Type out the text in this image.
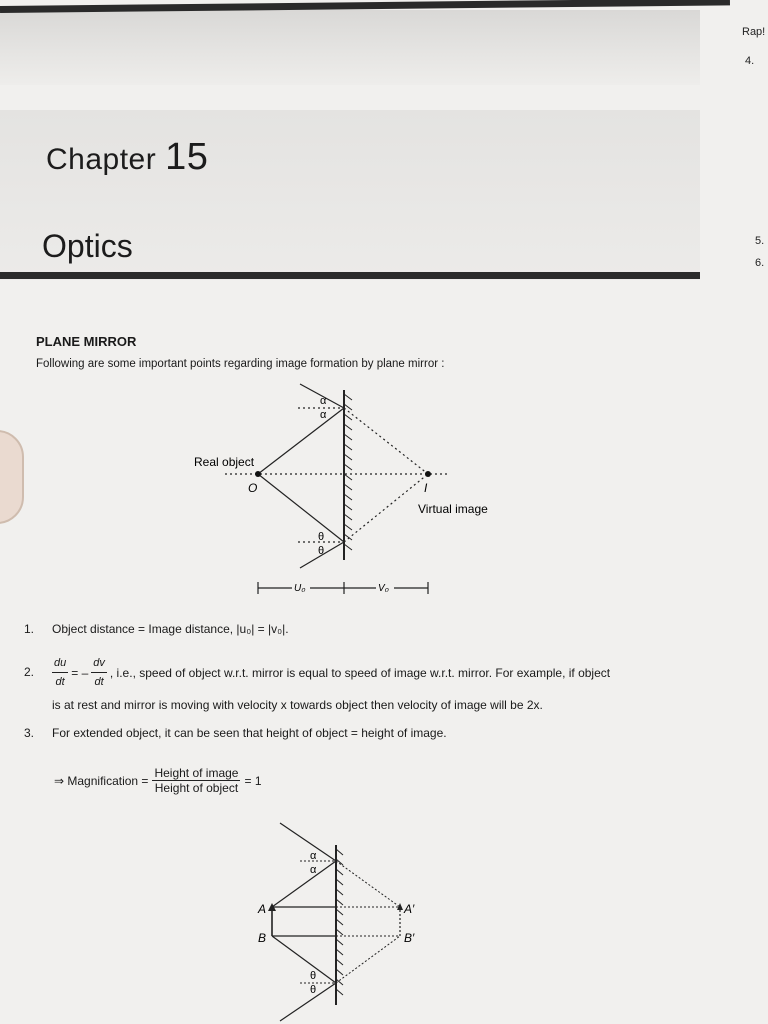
Chapter 15
Optics
Rap!
4.
5.
6.
PLANE MIRROR
Following are some important points regarding image formation by plane mirror :
α
α
θ
θ
Real object
O	I
Virtual image
U₀	V₀
1. Object distance = Image distance, |u₀| = |v₀|.
2. $\frac{du}{dt}$ = – $\frac{dv}{dt}$ , i.e., speed of object w.r.t. mirror is equal to speed of image w.r.t. mirror. For example, if object
is at rest and mirror is moving with velocity x towards object then velocity of image will be 2x.
3. For extended object, it can be seen that height of object = height of image.
⇒ Magnification = $\frac{\text{Height of image}}{\text{Height of object}} = 1$
α
α
θ
θ
A
B
A′
B′
